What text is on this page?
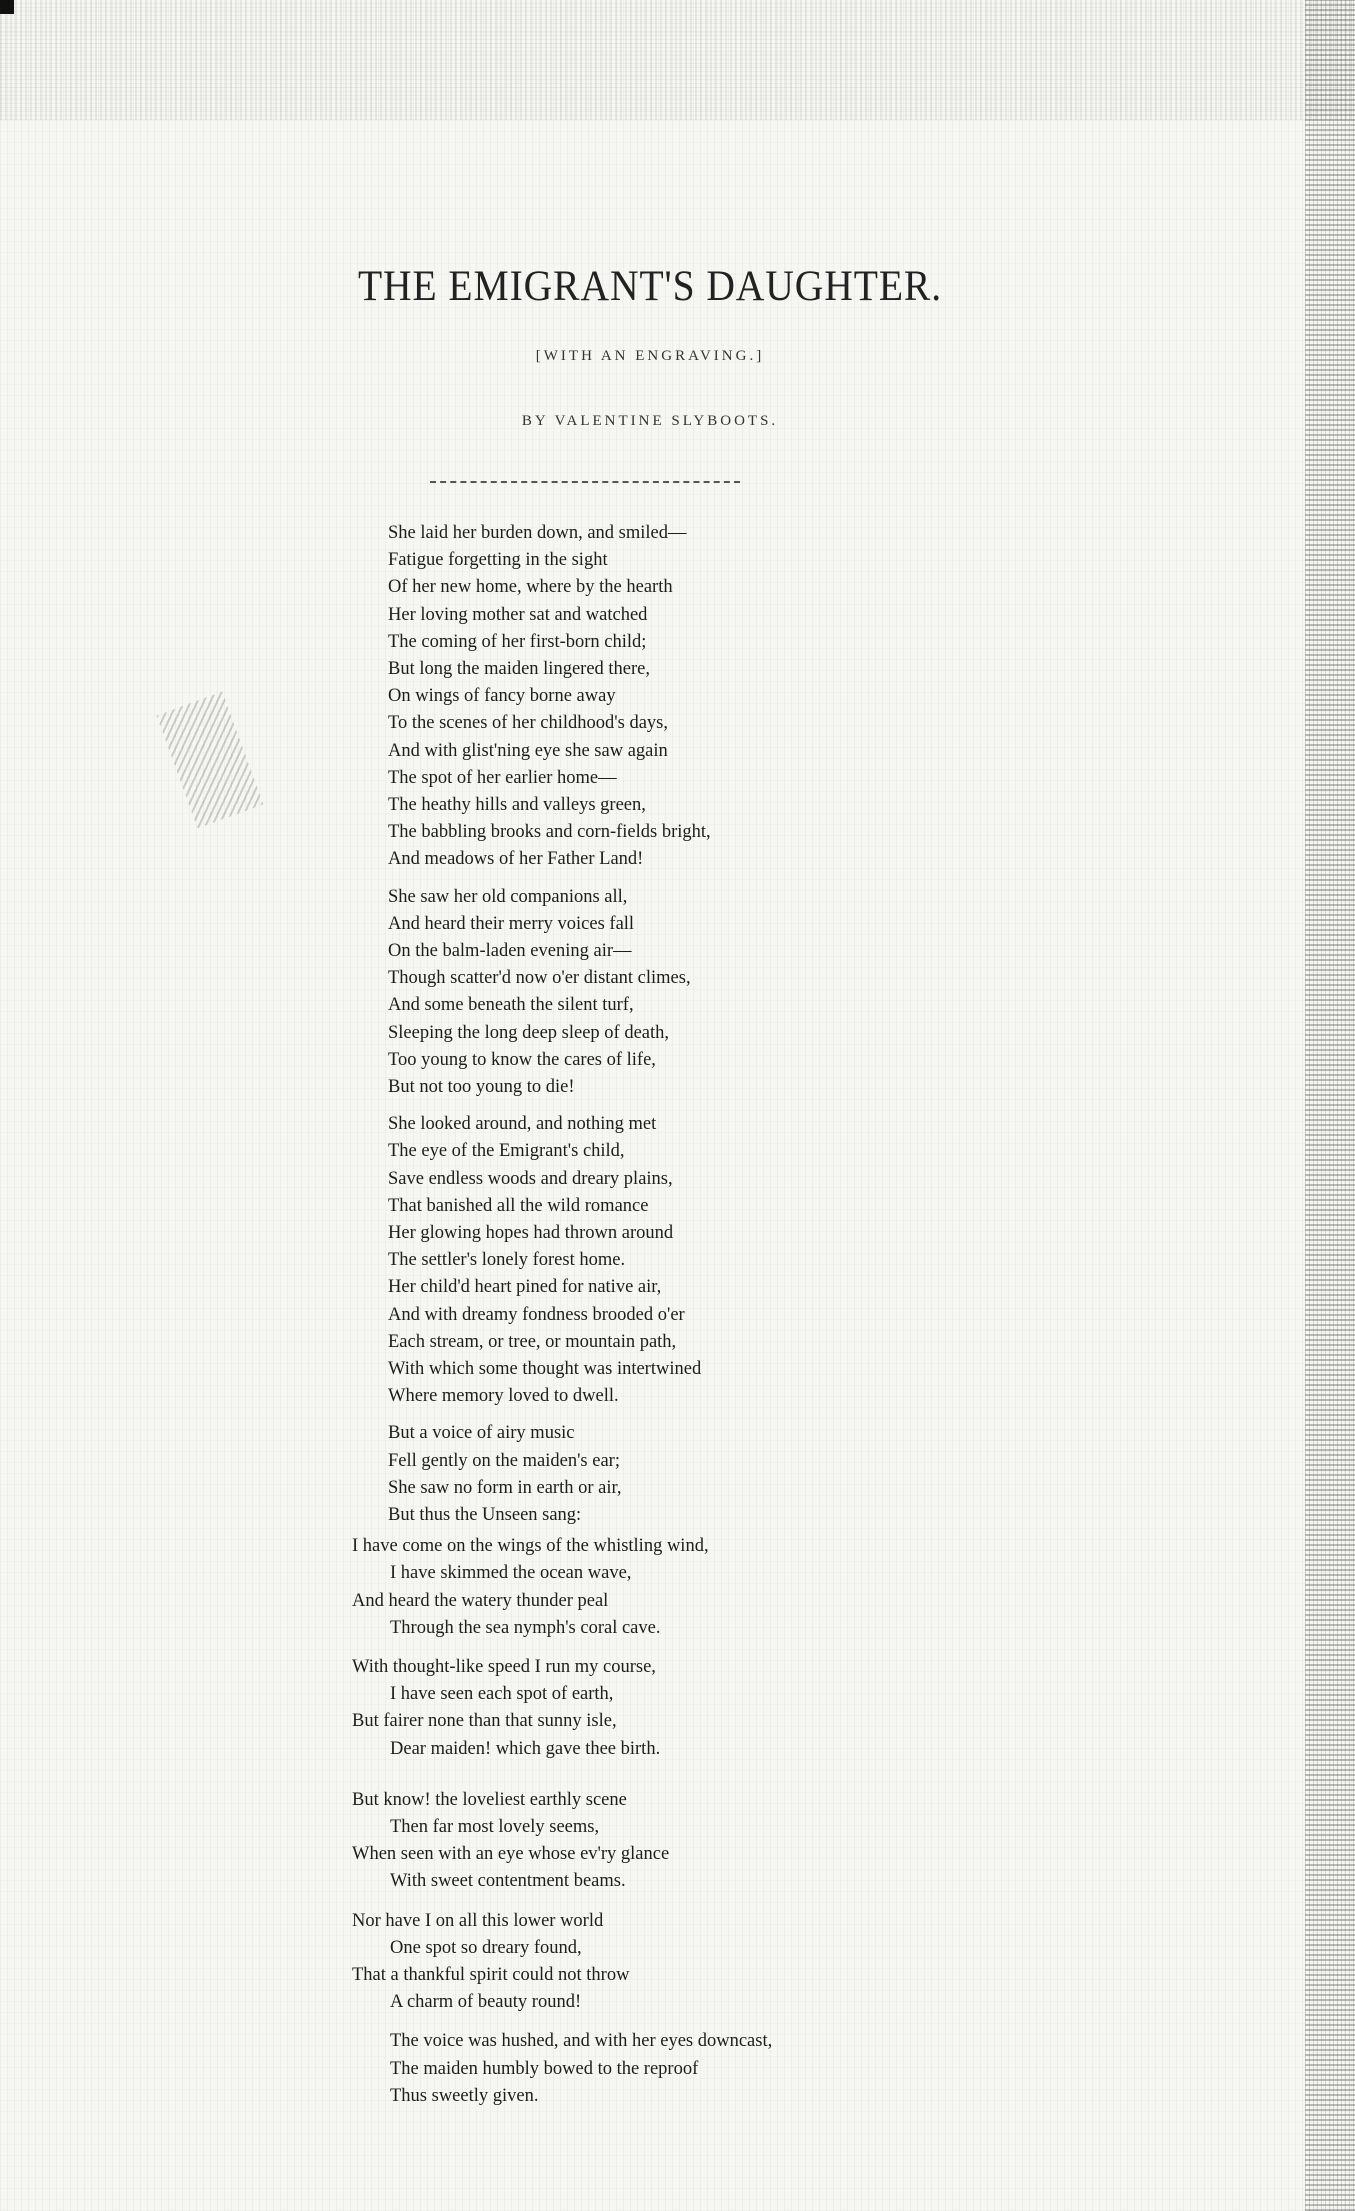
THE EMIGRANT'S DAUGHTER.
[WITH AN ENGRAVING.]
BY VALENTINE SLYBOOTS.
She laid her burden down, and smiled—
Fatigue forgetting in the sight
Of her new home, where by the hearth
Her loving mother sat and watched
The coming of her first-born child;
But long the maiden lingered there,
On wings of fancy borne away
To the scenes of her childhood's days,
And with glist'ning eye she saw again
The spot of her earlier home—
The heathy hills and valleys green,
The babbling brooks and corn-fields bright,
And meadows of her Father Land!
She saw her old companions all,
And heard their merry voices fall
On the balm-laden evening air—
Though scatter'd now o'er distant climes,
And some beneath the silent turf,
Sleeping the long deep sleep of death,
Too young to know the cares of life,
But not too young to die!
She looked around, and nothing met
The eye of the Emigrant's child,
Save endless woods and dreary plains,
That banished all the wild romance
Her glowing hopes had thrown around
The settler's lonely forest home.
Her child'd heart pined for native air,
And with dreamy fondness brooded o'er
Each stream, or tree, or mountain path,
With which some thought was intertwined
Where memory loved to dwell.
But a voice of airy music
Fell gently on the maiden's ear;
She saw no form in earth or air,
But thus the Unseen sang:
I have come on the wings of the whistling wind,
I have skimmed the ocean wave,
And heard the watery thunder peal
Through the sea nymph's coral cave.
With thought-like speed I run my course,
I have seen each spot of earth,
But fairer none than that sunny isle,
Dear maiden! which gave thee birth.
But know! the loveliest earthly scene
Then far most lovely seems,
When seen with an eye whose ev'ry glance
With sweet contentment beams.
Nor have I on all this lower world
One spot so dreary found,
That a thankful spirit could not throw
A charm of beauty round!
The voice was hushed, and with her eyes downcast,
The maiden humbly bowed to the reproof
Thus sweetly given.
